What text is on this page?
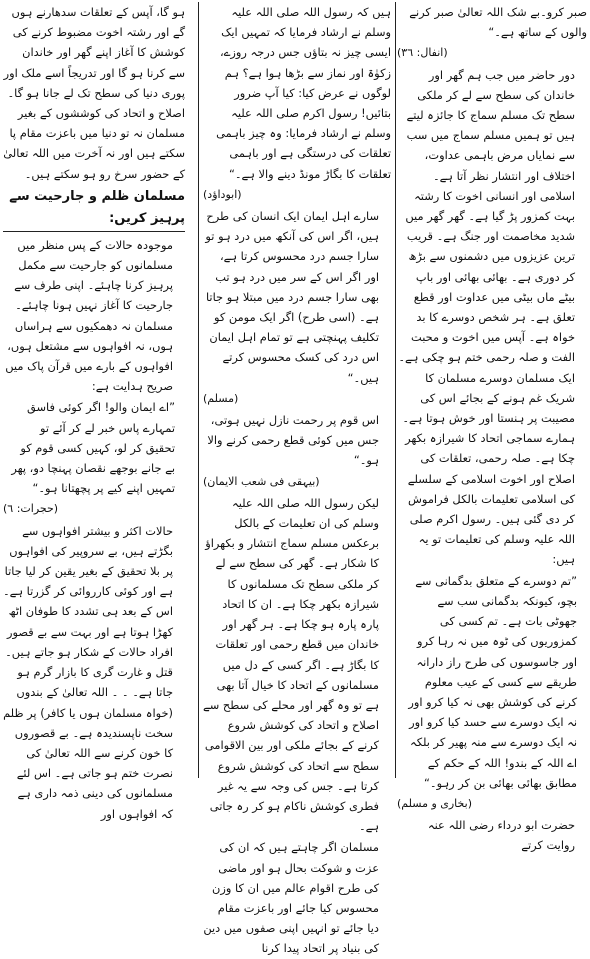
صبر کرو۔بے شک اللہ تعالیٰ صبر کرنے والوں کے ساتھ ہے۔“

(انفال: ٣٦)

دور حاضر میں جب ہم گھر اور خاندان کی سطح سے لے کر ملکی سطح تک مسلم سماج کا جائزہ لیتے ہیں تو ہمیں مسلم سماج میں سب سے نمایاں مرض باہمی عداوت، اختلاف اور انتشار نظر آتا ہے۔ اسلامی اور انسانی اخوت کا رشتہ بہت کمزور پڑ گیا ہے۔ گھر گھر میں شدید مخاصمت اور جنگ ہے۔ قریب ترین عزیزوں میں دشمنوں سے بڑھ کر دوری ہے۔ بھائی بھائی اور باپ بیٹے ماں بیٹی میں عداوت اور قطع تعلق ہے۔ ہر شخص دوسرے کا بد خواہ ہے۔ آپس میں اخوت و محبت الفت و صلہ رحمی ختم ہو چکی ہے۔ ایک مسلمان دوسرے مسلمان کا شریک غم ہونے کے بجائے اس کی مصیبت پر ہنستا اور خوش ہوتا ہے۔ ہمارے سماجی اتحاد کا شیرازہ بکھر چکا ہے۔ صلہ رحمی، تعلقات کی اصلاح اور اخوت اسلامی کے سلسلے کی اسلامی تعلیمات بالکل فراموش کر دی گئی ہیں۔ رسول اکرم صلی اللہ علیہ وسلم کی تعلیمات تو یہ ہیں:

”تم دوسرے کے متعلق بدگمانی سے بچو، کیونکہ بدگمانی سب سے جھوٹی بات ہے۔ تم کسی کی کمزوریوں کی ٹوہ میں نہ رہا کرو اور جاسوسوں کی طرح راز دارانہ طریقے سے کسی کے عیب معلوم کرنے کی کوشش بھی نہ کیا کرو اور نہ ایک دوسرے سے حسد کیا کرو اور نہ ایک دوسرے سے منہ پھیر کر بلکہ اے اللہ کے بندو! اللہ کے حکم کے مطابق بھائی بھائی بن کر رہو۔“

(بخاری و مسلم)

حضرت ابو درداء رضی اللہ عنہ روایت کرتے

ہیں کہ رسول اللہ صلی اللہ علیہ وسلم نے ارشاد فرمایا کہ تمہیں ایک ایسی چیز نہ بتاؤں جس درجہ روزے، زکوٰۃ اور نماز سے بڑھا ہوا ہے؟ ہم لوگوں نے عرض کیا: کیا آپ ضرور بتائیں! رسول اکرم صلی اللہ علیہ وسلم نے ارشاد فرمایا: وہ چیز باہمی تعلقات کی درستگی ہے اور باہمی تعلقات کا بگاڑ مونڈ دینے والا ہے۔“

(ابوداؤد)

سارے اہل ایمان ایک انسان کی طرح ہیں، اگر اس کی آنکھ میں درد ہو تو سارا جسم درد محسوس کرتا ہے، اور اگر اس کے سر میں درد ہو تب بھی سارا جسم درد میں مبتلا ہو جاتا ہے۔ (اسی طرح) اگر ایک مومن کو تکلیف پہنچتی ہے تو تمام اہل ایمان اس درد کی کسک محسوس کرتے ہیں۔“

(مسلم)

اس قوم پر رحمت نازل نہیں ہوتی، جس میں کوئی قطع رحمی کرنے والا ہو۔“

(بیہقی فی شعب الایمان)

لیکن رسول اللہ صلی اللہ علیہ وسلم کی ان تعلیمات کے بالکل برعکس مسلم سماج انتشار و بکھراؤ کا شکار ہے۔ گھر کی سطح سے لے کر ملکی سطح تک مسلمانوں کا شیرازہ بکھر چکا ہے۔ ان کا اتحاد پارہ پارہ ہو چکا ہے۔ ہر گھر اور خاندان میں قطع رحمی اور تعلقات کا بگاڑ ہے۔ اگر کسی کے دل میں مسلمانوں کے اتحاد کا خیال آتا بھی ہے تو وہ گھر اور محلے کی سطح سے اصلاح و اتحاد کی کوشش شروع کرنے کے بجائے ملکی اور بین الاقوامی سطح سے اتحاد کی کوشش شروع کرتا ہے۔ جس کی وجہ سے یہ غیر فطری کوشش ناکام ہو کر رہ جاتی ہے۔

مسلمان اگر چاہتے ہیں کہ ان کی عزت و شوکت بحال ہو اور ماضی کی طرح اقوام عالم میں ان کا وزن محسوس کیا جائے اور باعزت مقام دیا جائے تو انہیں اپنی صفوں میں دین کی بنیاد پر اتحاد پیدا کرنا

ہو گا، آپس کے تعلقات سدھارنے ہوں گے اور رشتہ اخوت مضبوط کرنے کی کوشش کا آغاز اپنے گھر اور خاندان سے کرنا ہو گا اور تدریجاً اسے ملک اور پوری دنیا کی سطح تک لے جانا ہو گا۔ اصلاح و اتحاد کی کوششوں کے بغیر مسلمان نہ تو دنیا میں باعزت مقام پا سکتے ہیں اور نہ آخرت میں اللہ تعالیٰ کے حضور سرخ رو ہو سکتے ہیں۔

مسلمان ظلم و جارحیت سے پرہیز کریں:

موجودہ حالات کے پس منظر میں مسلمانوں کو جارحیت سے مکمل پرہیز کرنا چاہئے۔ اپنی طرف سے جارحیت کا آغاز نہیں ہونا چاہئے۔ مسلمان نہ دھمکیوں سے ہراساں ہوں، نہ افواہوں سے مشتعل ہوں، افواہوں کے بارے میں قرآن پاک میں صریح ہدایت ہے:

”اے ایمان والو! اگر کوئی فاسق تمہارے پاس خبر لے کر آئے تو تحقیق کر لو، کہیں کسی قوم کو بے جانے بوجھے نقصان پہنچا دو، پھر تمہیں اپنے کیے پر پچھتانا ہو۔“

(حجرات: ٦)

حالات اکثر و بیشتر افواہوں سے بگڑتے ہیں، بے سروپیر کی افواہوں پر بلا تحقیق کے بغیر یقین کر لیا جاتا ہے اور کوئی کارروائی کر گزرتا ہے۔ اس کے بعد ہی تشدد کا طوفان اٹھ کھڑا ہوتا ہے اور بہت سے بے قصور افراد حالات کے شکار ہو جاتے ہیں۔ قتل و غارت گری کا بازار گرم ہو جاتا ہے۔ ۔ ۔ اللہ تعالیٰ کے بندوں (خواہ مسلمان ہوں یا کافر) پر ظلم سخت ناپسندیدہ ہے۔ بے قصوروں کا خون کرنے سے اللہ تعالیٰ کی نصرت ختم ہو جاتی ہے۔ اس لئے مسلمانوں کی دینی ذمہ داری ہے کہ افواہوں اور
